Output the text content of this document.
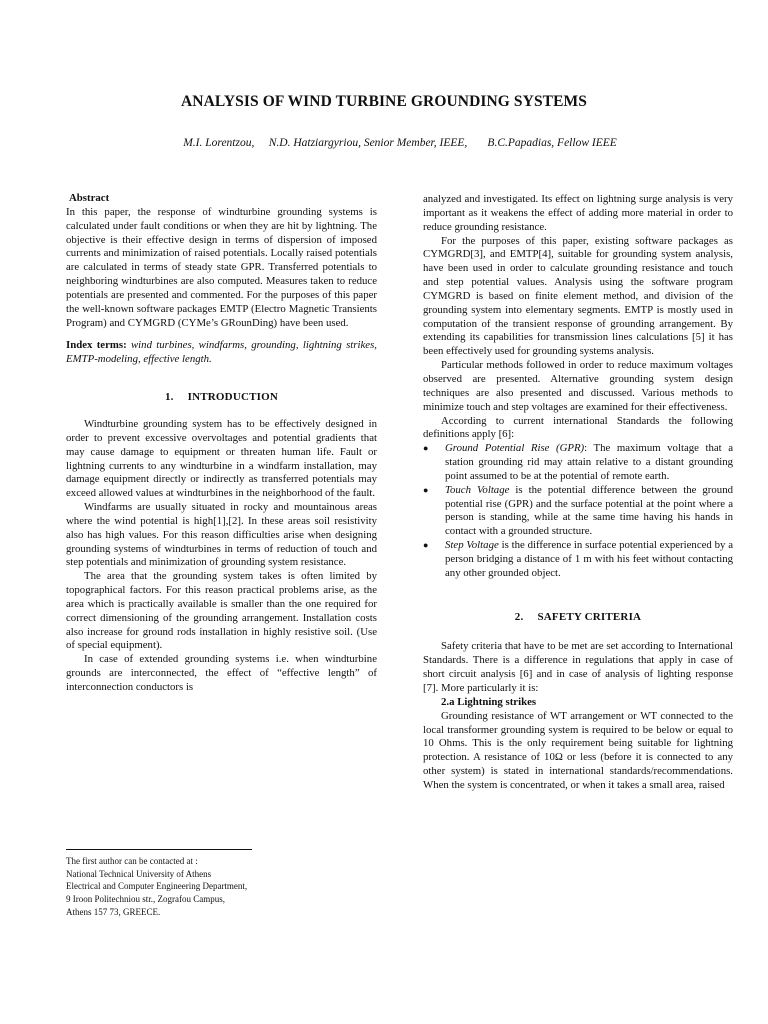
ANALYSIS OF WIND TURBINE GROUNDING SYSTEMS
M.I. Lorentzou,     N.D. Hatziargyriou, Senior Member, IEEE,       B.C.Papadias, Fellow IEEE

Abstract

In this paper, the response of windturbine grounding systems is calculated under fault conditions or when they are hit by lightning. The objective is their effective design in terms of dispersion of imposed currents and minimization of raised potentials. Locally raised potentials are calculated in terms of steady state GPR. Transferred potentials to neighboring windturbines are also computed. Measures taken to reduce potentials are presented and commented. For the purposes of this paper the well-known software packages EMTP (Electro Magnetic Transients Program) and CYMGRD (CYMe’s GRounDing) have been used.

Index terms: wind turbines, windfarms, grounding, lightning strikes, EMTP-modeling, effective length.

1. INTRODUCTION

Windturbine grounding system has to be effectively designed in order to prevent excessive overvoltages and potential gradients that may cause damage to equipment or threaten human life. Fault or lightning currents to any windturbine in a windfarm installation, may damage equipment directly or indirectly as transferred potentials may exceed allowed values at windturbines in the neighborhood of the fault.

Windfarms are usually situated in rocky and mountainous areas where the wind potential is high[1],[2]. In these areas soil resistivity also has high values. For this reason difficulties arise when designing grounding systems of windturbines in terms of reduction of touch and step potentials and minimization of grounding system resistance.

The area that the grounding system takes is often limited by topographical factors. For this reason practical problems arise, as the area which is practically available is smaller than the one required for correct dimensioning of the grounding arrangement. Installation costs also increase for ground rods installation in highly resistive soil. (Use of special equipment).

In case of extended grounding systems i.e. when windturbine grounds are interconnected, the effect of “effective length” of interconnection conductors is

The first author can be contacted at :
National Technical University of Athens
Electrical and Computer Engineering Department,
9 Iroon Politechniou str., Zografou Campus,
Athens 157 73, GREECE.

analyzed and investigated. Its effect on lightning surge analysis is very important as it weakens the effect of adding more material in order to reduce grounding resistance.

For the purposes of this paper, existing software packages as CYMGRD[3], and EMTP[4], suitable for grounding system analysis, have been used in order to calculate grounding resistance and touch and step potential values. Analysis using the software program CYMGRD is based on finite element method, and division of the grounding system into elementary segments. EMTP is mostly used in computation of the transient response of grounding arrangement. By extending its capabilities for transmission lines calculations [5] it has been effectively used for grounding systems analysis.

Particular methods followed in order to reduce maximum voltages observed are presented. Alternative grounding system design techniques are also presented and discussed. Various methods to minimize touch and step voltages are examined for their effectiveness.

According to current international Standards the following definitions apply [6]:

● Ground Potential Rise (GPR): The maximum voltage that a station grounding rid may attain relative to a distant grounding point assumed to be at the potential of remote earth.
● Touch Voltage is the potential difference between the ground potential rise (GPR) and the surface potential at the point where a person is standing, while at the same time having his hands in contact with a grounded structure.
● Step Voltage is the difference in surface potential experienced by a person bridging a distance of 1 m with his feet without contacting any other grounded object.
2. SAFETY CRITERIA

Safety criteria that have to be met are set according to International Standards. There is a difference in regulations that apply in case of short circuit analysis [6] and in case of analysis of lighting response [7]. More particularly it is:

2.a Lightning strikes

Grounding resistance of WT arrangement or WT connected to the local transformer grounding system is required to be below or equal to 10 Ohms. This is the only requirement being suitable for lightning protection. A resistance of 10Ω or less (before it is connected to any other system) is stated in international standards/recommendations. When the system is concentrated, or when it takes a small area, raised
